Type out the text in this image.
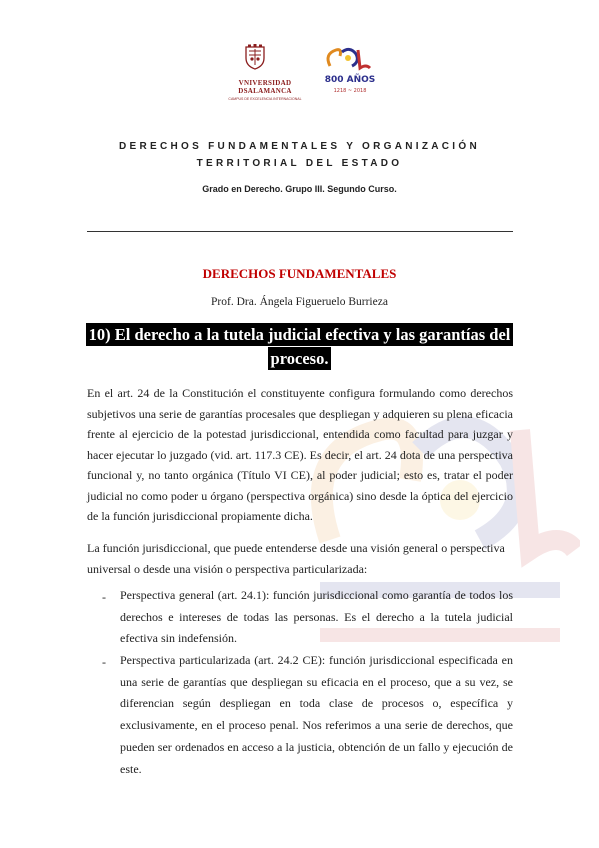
VNIVERSIDAD
DSALAMANCA
CAMPUS DE EXCELENCIA INTERNACIONAL
800 AÑOS
1218 ~ 2018
DERECHOS FUNDAMENTALES Y ORGANIZACIÓN
TERRITORIAL DEL ESTADO
Grado en Derecho. Grupo III. Segundo Curso.
DERECHOS FUNDAMENTALES
Prof. Dra. Ángela Figueruelo Burrieza
10) El derecho a la tutela judicial efectiva y las garantías del
proceso.
En el art. 24 de la Constitución el constituyente configura formulando como derechos subjetivos una serie de garantías procesales que despliegan y adquieren su plena eficacia frente al ejercicio de la potestad jurisdiccional, entendida como facultad para juzgar y hacer ejecutar lo juzgado (vid. art. 117.3 CE). Es decir, el art. 24 dota de una perspectiva funcional y, no tanto orgánica (Título VI CE), al poder judicial; esto es, tratar el poder judicial no como poder u órgano (perspectiva orgánica) sino desde la óptica del ejercicio de la función jurisdiccional propiamente dicha.
La función jurisdiccional, que puede entenderse desde una visión general o perspectiva universal o desde una visión o perspectiva particularizada:
- Perspectiva general (art. 24.1): función jurisdiccional como garantía de todos los derechos e intereses de todas las personas. Es el derecho a la tutela judicial efectiva sin indefensión.
- Perspectiva particularizada (art. 24.2 CE): función jurisdiccional especificada en una serie de garantías que despliegan su eficacia en el proceso, que a su vez, se diferencian según despliegan en toda clase de procesos o, específica y exclusivamente, en el proceso penal. Nos referimos a una serie de derechos, que pueden ser ordenados en acceso a la justicia, obtención de un fallo y ejecución de este.
